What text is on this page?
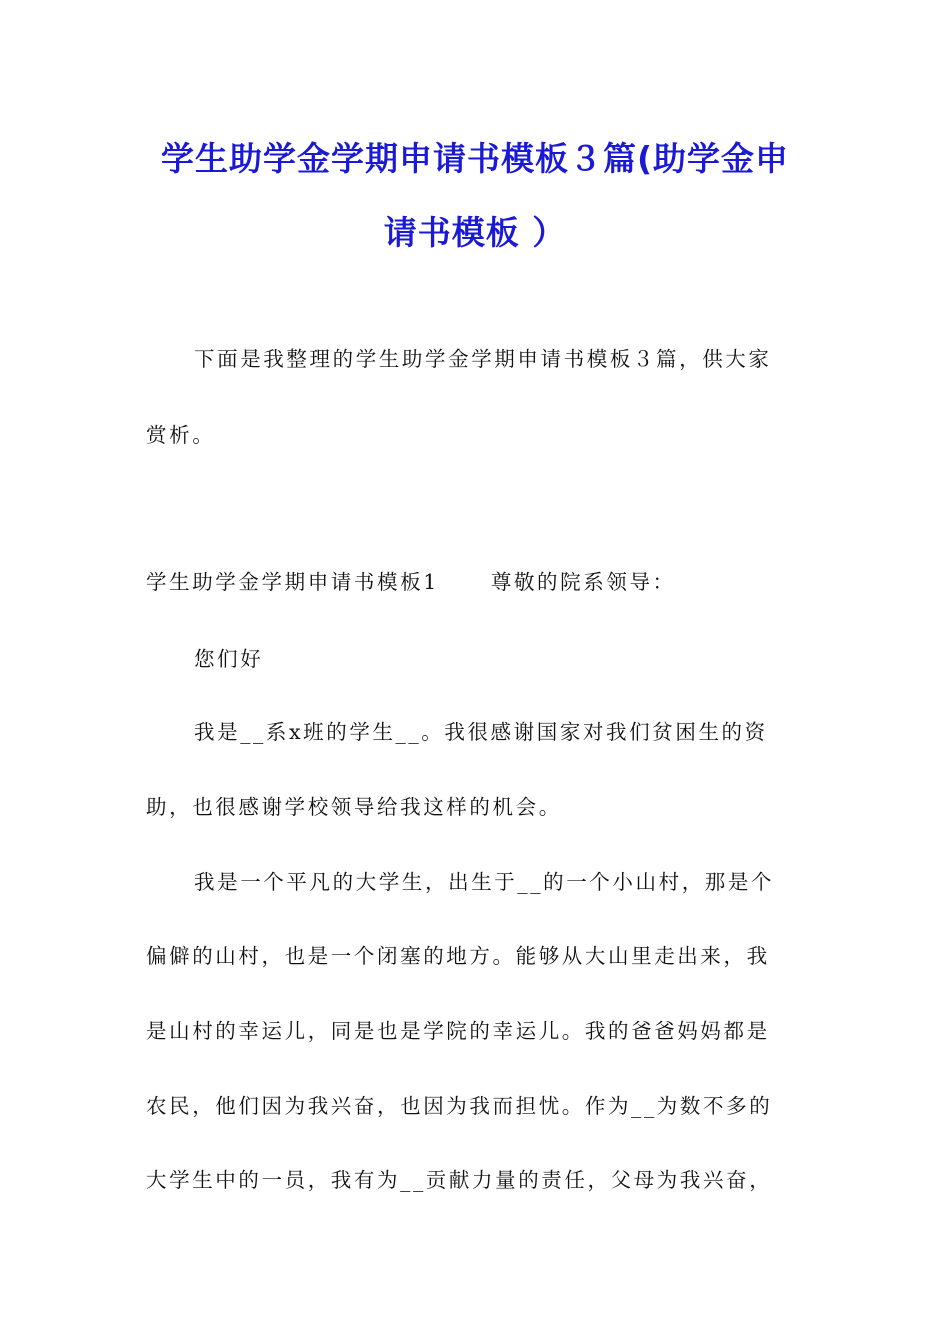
学生助学金学期申请书模板３篇(助学金申
请书模板 ）
下面是我整理的学生助学金学期申请书模板３篇，供大家
赏析。
学生助学金学期申请书模板1	尊敬的院系领导：
您们好
我是__系x班的学生__。我很感谢国家对我们贫困生的资
助，也很感谢学校领导给我这样的机会。
我是一个平凡的大学生，出生于__的一个小山村，那是个
偏僻的山村，也是一个闭塞的地方。能够从大山里走出来，我
是山村的幸运儿，同是也是学院的幸运儿。我的爸爸妈妈都是
农民，他们因为我兴奋，也因为我而担忧。作为__为数不多的
大学生中的一员，我有为__贡献力量的责任，父母为我兴奋，
